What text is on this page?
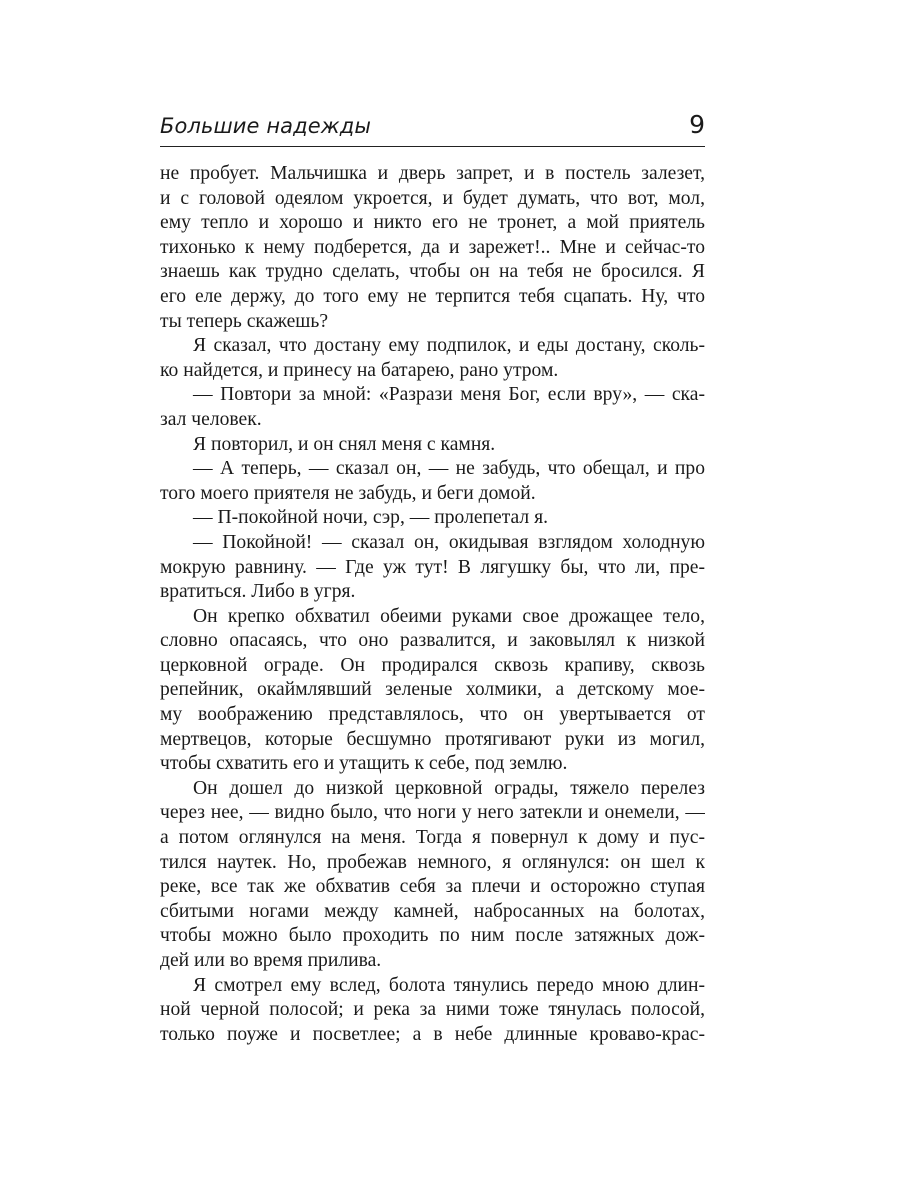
Большие надежды	9
не пробует. Мальчишка и дверь запрет, и в постель залезет,
и с головой одеялом укроется, и будет думать, что вот, мол,
ему тепло и хорошо и никто его не тронет, а мой приятель
тихонько к нему подберется, да и зарежет!.. Мне и сейчас-то
знаешь как трудно сделать, чтобы он на тебя не бросился. Я
его еле держу, до того ему не терпится тебя сцапать. Ну, что
ты теперь скажешь?
Я сказал, что достану ему подпилок, и еды достану, сколь-
ко найдется, и принесу на батарею, рано утром.
— Повтори за мной: «Разрази меня Бог, если вру», — ска-
зал человек.
Я повторил, и он снял меня с камня.
— А теперь, — сказал он, — не забудь, что обещал, и про
того моего приятеля не забудь, и беги домой.
— П-покойной ночи, сэр, — пролепетал я.
— Покойной! — сказал он, окидывая взглядом холодную
мокрую равнину. — Где уж тут! В лягушку бы, что ли, пре-
вратиться. Либо в угря.
Он крепко обхватил обеими руками свое дрожащее тело,
словно опасаясь, что оно развалится, и заковылял к низкой
церковной ограде. Он продирался сквозь крапиву, сквозь
репейник, окаймлявший зеленые холмики, а детскому мое-
му воображению представлялось, что он увертывается от
мертвецов, которые бесшумно протягивают руки из могил,
чтобы схватить его и утащить к себе, под землю.
Он дошел до низкой церковной ограды, тяжело перелез
через нее, — видно было, что ноги у него затекли и онемели, —
а потом оглянулся на меня. Тогда я повернул к дому и пус-
тился наутек. Но, пробежав немного, я оглянулся: он шел к
реке, все так же обхватив себя за плечи и осторожно ступая
сбитыми ногами между камней, набросанных на болотах,
чтобы можно было проходить по ним после затяжных дож-
дей или во время прилива.
Я смотрел ему вслед, болота тянулись передо мною длин-
ной черной полосой; и река за ними тоже тянулась полосой,
только поуже и посветлее; а в небе длинные кроваво-крас-
